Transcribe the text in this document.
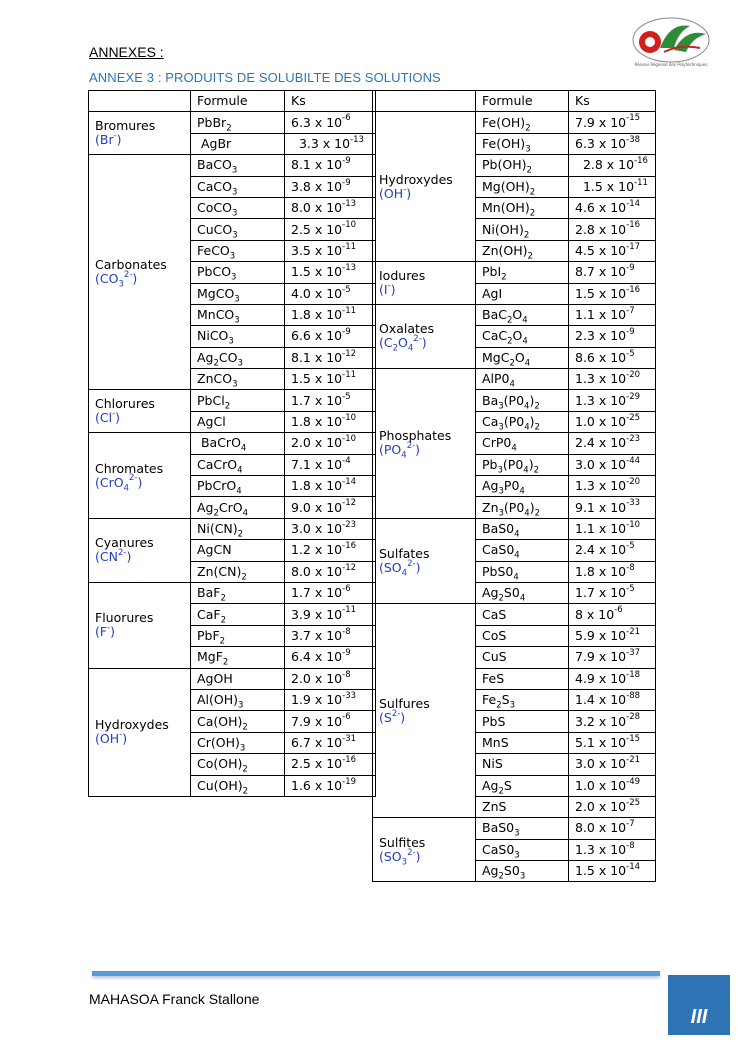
ANNEXES :
ANNEXE 3 : PRODUITS DE SOLUBILTE DES SOLUTIONS
Réseau Régional des Polytechniques
	Formule	Ks

Bromures
(Br-)	PbBr$_2$	6.3 x $10^{-6}$
	AgBr	3.3 x $10^{-13}$

Carbonates
$(CO_3^{2-})$	BaCO$_3$	8.1 x $10^{-9}$
	CaCO$_3$	3.8 x $10^{-9}$
	CoCO$_3$	8.0 x $10^{-13}$
	CuCO$_3$	2.5 x $10^{-10}$
	FeCO$_3$	3.5 x $10^{-11}$
	PbCO$_3$	1.5 x $10^{-13}$
	MgCO$_3$	4.0 x $10^{-5}$
	MnCO$_3$	1.8 x $10^{-11}$
	NiCO$_3$	6.6 x $10^{-9}$
	$Ag_2CO_3$	8.1 x $10^{-12}$
	ZnCO$_3$	1.5 x $10^{-11}$

Chlorures
(Cl-)	PbCl$_2$	1.7 x $10^{-5}$
	AgCl	1.8 x $10^{-10}$

Chromates
(CrO$_4^{2-}$)	BaCrO$_4$	2.0 x $10^{-10}$
	CaCrO$_4$	7.1 x $10^{-4}$
	PbCrO$_4$	1.8 x $10^{-14}$
	$Ag_2CrO_4$	9.0 x $10^{-12}$

Cyanures
$(CN^{2-})$	$Ni(CN)_2$	3.0 x $10^{-23}$
	AgCN	1.2 x $10^{-16}$
	$Zn(CN)_2$	8.0 x $10^{-12}$

Fluorures
(F-)	BaF$_2$	1.7 x $10^{-6}$
	CaF$_2$	3.9 x $10^{-11}$
	PbF$_2$	3.7 x $10^{-8}$
	MgF$_2$	6.4 x $10^{-9}$

Hydroxydes
(OH-)	AgOH	2.0 x $10^{-8}$
	$Al(OH)_3$	1.9 x $10^{-33}$
	$Ca(OH)_2$	7.9 x $10^{-6}$
	$Cr(OH)_3$	6.7 x $10^{-31}$
	$Co(OH)_2$	2.5 x $10^{-16}$
	$Cu(OH)_2$	1.6 x $10^{-19}$
	Formule	Ks

Hydroxydes
(OH-)	$Fe(OH)_2$	7.9 x $10^{-15}$
	$Fe(OH)_3$	6.3 x $10^{-38}$
	$Pb(OH)_2$	2.8 x $10^{-16}$
	$Mg(OH)_2$	1.5 x $10^{-11}$
	$Mn(OH)_2$	4.6 x $10^{-14}$
	$Ni(OH)_2$	2.8 x $10^{-16}$
	$Zn(OH)_2$	4.5 x $10^{-17}$

Iodures
(I-)	PbI$_2$	8.7 x $10^{-9}$
	AgI	1.5 x $10^{-16}$

Oxalates
$(C_2O_4^{2-})$	$BaC_2O_4$	1.1 x $10^{-7}$
	$CaC_2O_4$	2.3 x $10^{-9}$
	$MgC_2O_4$	8.6 x $10^{-5}$

Phosphates
$(PO_4^{2-})$	$AlP0_4$	1.3 x $10^{-20}$
	$Ba_3(P0_4)_2$	1.3 x $10^{-29}$
	$Ca_3(P0_4)_2$	1.0 x $10^{-25}$
	$CrP0_4$	2.4 x $10^{-23}$
	$Pb_3(P0_4)_2$	3.0 x $10^{-44}$
	$Ag_3P0_4$	1.3 x $10^{-20}$
	$Zn_3(P0_4)_2$	9.1 x $10^{-33}$

Sulfates
$(SO_4^{2-})$	$BaS0_4$	1.1 x $10^{-10}$
	$CaS0_4$	2.4 x $10^{-5}$
	$PbS0_4$	1.8 x $10^{-8}$
	$Ag_2S0_4$	1.7 x $10^{-5}$

Sulfures
$(S^{2-})$	CaS	8 x $10^{-6}$
	CoS	5.9 x $10^{-21}$
	CuS	7.9 x $10^{-37}$
	FeS	4.9 x $10^{-18}$
	$Fe_2S_3$	1.4 x $10^{-88}$
	PbS	3.2 x $10^{-28}$
	MnS	5.1 x $10^{-15}$
	NiS	3.0 x $10^{-21}$
	$Ag_2S$	1.0 x $10^{-49}$
	ZnS	2.0 x $10^{-25}$

Sulfites
$(SO_3^{2-})$	$BaS0_3$	8.0 x $10^{-7}$
	$CaS0_3$	1.3 x $10^{-8}$
	$Ag_2S0_3$	1.5 x $10^{-14}$
MAHASOA Franck Stallone
III
